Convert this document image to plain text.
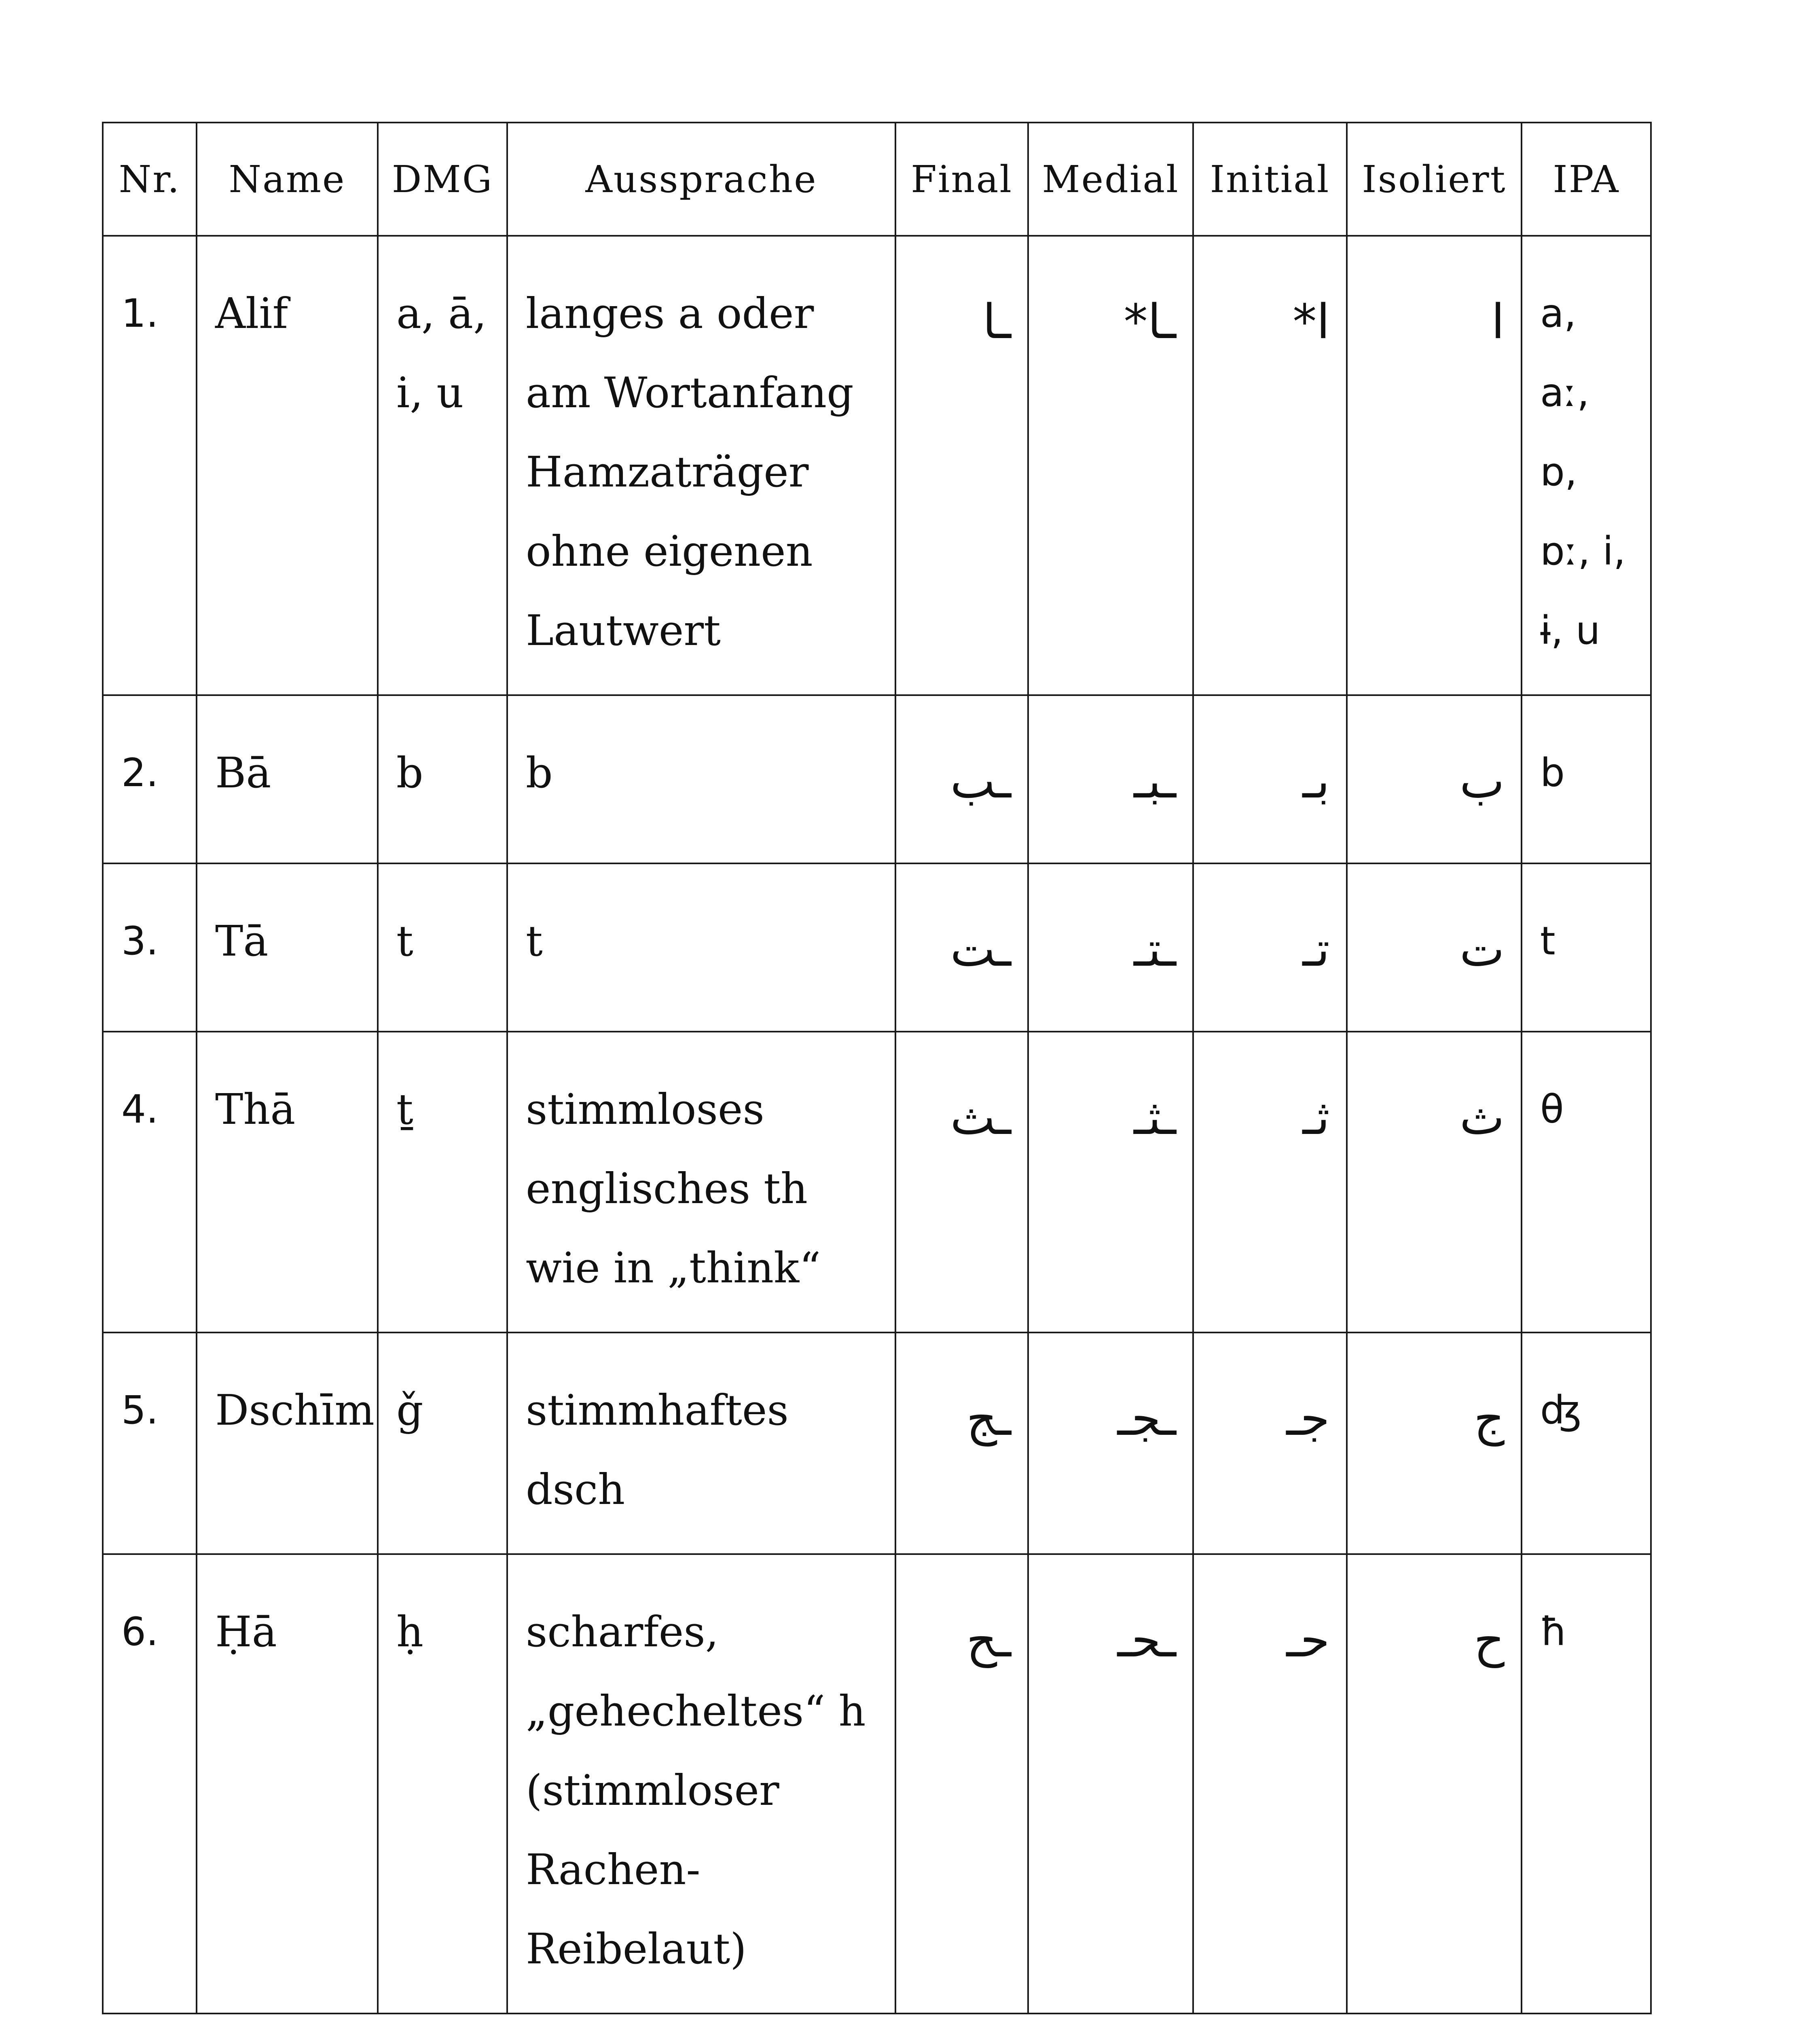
Nr.	Name	DMG	Aussprache	Final	Medial	Initial	Isoliert	IPA
1.	Alif	a, ā, i, u	langes a oder am Wortanfang Hamzaträger ohne eigenen Lautwert	ـا	ـا*	ا*	ا	a, aː, ɒ, ɒː, i, ɨ, u
2.	Bā	b	b	ـب	ـبـ	بـ	ب	b
3.	Tā	t	t	ـت	ـتـ	تـ	ت	t
4.	Thā	ṯ	stimmloses englisches th wie in „think“	ـث	ـثـ	ثـ	ث	θ
5.	Dschīm	ǧ	stimmhaftes dsch	ـج	ـجـ	جـ	ج	ʤ
6.	Ḥā	ḥ	scharfes, „gehecheltes“ h (stimmloser Rachen-Reibelaut)	ـح	ـحـ	حـ	ح	ħ
